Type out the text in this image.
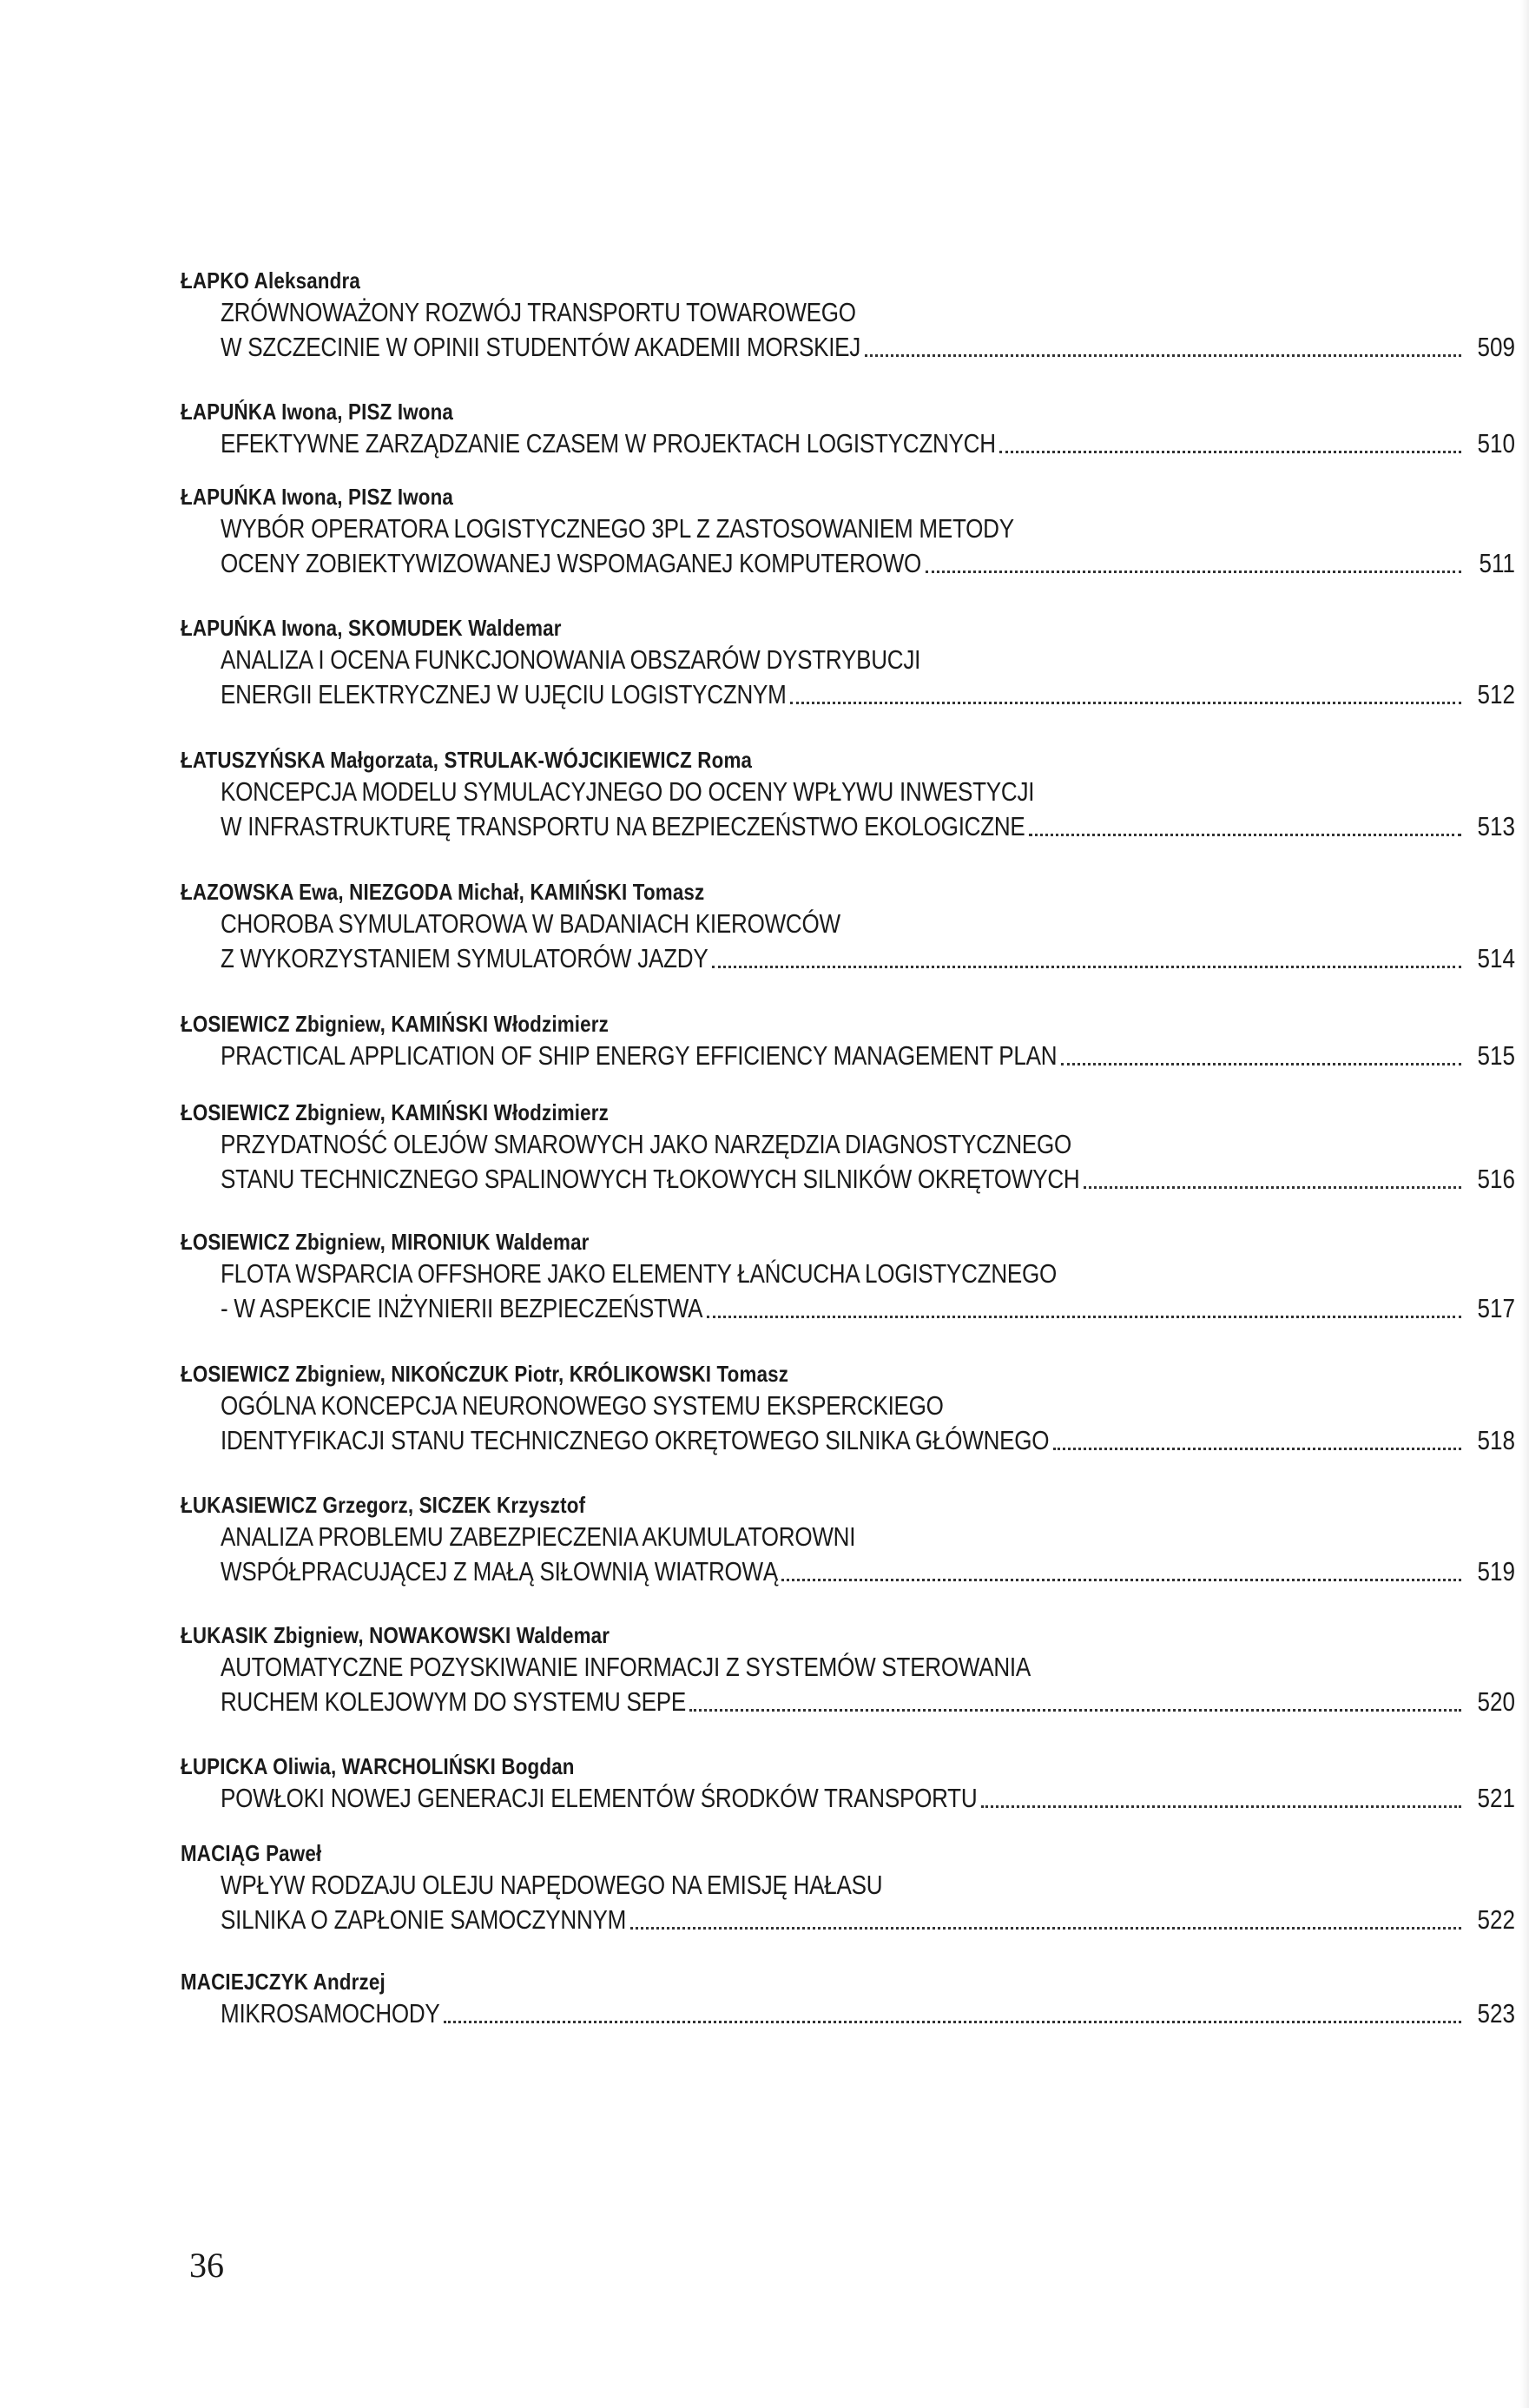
ŁAPKO Aleksandra
ZRÓWNOWAŻONY ROZWÓJ TRANSPORTU TOWAROWEGO
W SZCZECINIE W OPINII STUDENTÓW AKADEMII MORSKIEJ	509
ŁAPUŃKA Iwona, PISZ Iwona
EFEKTYWNE ZARZĄDZANIE CZASEM W PROJEKTACH LOGISTYCZNYCH	510
ŁAPUŃKA Iwona, PISZ Iwona
WYBÓR OPERATORA LOGISTYCZNEGO 3PL Z ZASTOSOWANIEM METODY
OCENY ZOBIEKTYWIZOWANEJ WSPOMAGANEJ KOMPUTEROWO	511
ŁAPUŃKA Iwona, SKOMUDEK Waldemar
ANALIZA I OCENA FUNKCJONOWANIA OBSZARÓW DYSTRYBUCJI
ENERGII ELEKTRYCZNEJ W UJĘCIU LOGISTYCZNYM	512
ŁATUSZYŃSKA Małgorzata, STRULAK-WÓJCIKIEWICZ Roma
KONCEPCJA MODELU SYMULACYJNEGO DO OCENY WPŁYWU INWESTYCJI
W INFRASTRUKTURĘ TRANSPORTU NA BEZPIECZEŃSTWO EKOLOGICZNE	513
ŁAZOWSKA Ewa, NIEZGODA Michał, KAMIŃSKI Tomasz
CHOROBA SYMULATOROWA W BADANIACH KIEROWCÓW
Z WYKORZYSTANIEM SYMULATORÓW JAZDY	514
ŁOSIEWICZ Zbigniew, KAMIŃSKI Włodzimierz
PRACTICAL APPLICATION OF SHIP ENERGY EFFICIENCY MANAGEMENT PLAN	515
ŁOSIEWICZ Zbigniew, KAMIŃSKI Włodzimierz
PRZYDATNOŚĆ OLEJÓW SMAROWYCH JAKO NARZĘDZIA DIAGNOSTYCZNEGO
STANU TECHNICZNEGO SPALINOWYCH TŁOKOWYCH SILNIKÓW OKRĘTOWYCH	516
ŁOSIEWICZ Zbigniew, MIRONIUK Waldemar
FLOTA WSPARCIA OFFSHORE JAKO ELEMENTY ŁAŃCUCHA LOGISTYCZNEGO
- W ASPEKCIE INŻYNIERII BEZPIECZEŃSTWA	517
ŁOSIEWICZ Zbigniew, NIKOŃCZUK Piotr, KRÓLIKOWSKI Tomasz
OGÓLNA KONCEPCJA NEURONOWEGO SYSTEMU EKSPERCKIEGO
IDENTYFIKACJI STANU TECHNICZNEGO OKRĘTOWEGO SILNIKA GŁÓWNEGO	518
ŁUKASIEWICZ Grzegorz, SICZEK Krzysztof
ANALIZA PROBLEMU ZABEZPIECZENIA AKUMULATOROWNI
WSPÓŁPRACUJĄCEJ Z MAŁĄ SIŁOWNIĄ WIATROWĄ	519
ŁUKASIK Zbigniew, NOWAKOWSKI Waldemar
AUTOMATYCZNE POZYSKIWANIE INFORMACJI Z SYSTEMÓW STEROWANIA
RUCHEM KOLEJOWYM DO SYSTEMU SEPE	520
ŁUPICKA Oliwia, WARCHOLIŃSKI Bogdan
POWŁOKI NOWEJ GENERACJI ELEMENTÓW ŚRODKÓW TRANSPORTU	521
MACIĄG Paweł
WPŁYW RODZAJU OLEJU NAPĘDOWEGO NA EMISJĘ HAŁASU
SILNIKA O ZAPŁONIE SAMOCZYNNYM	522
MACIEJCZYK Andrzej
MIKROSAMOCHODY	523
36
